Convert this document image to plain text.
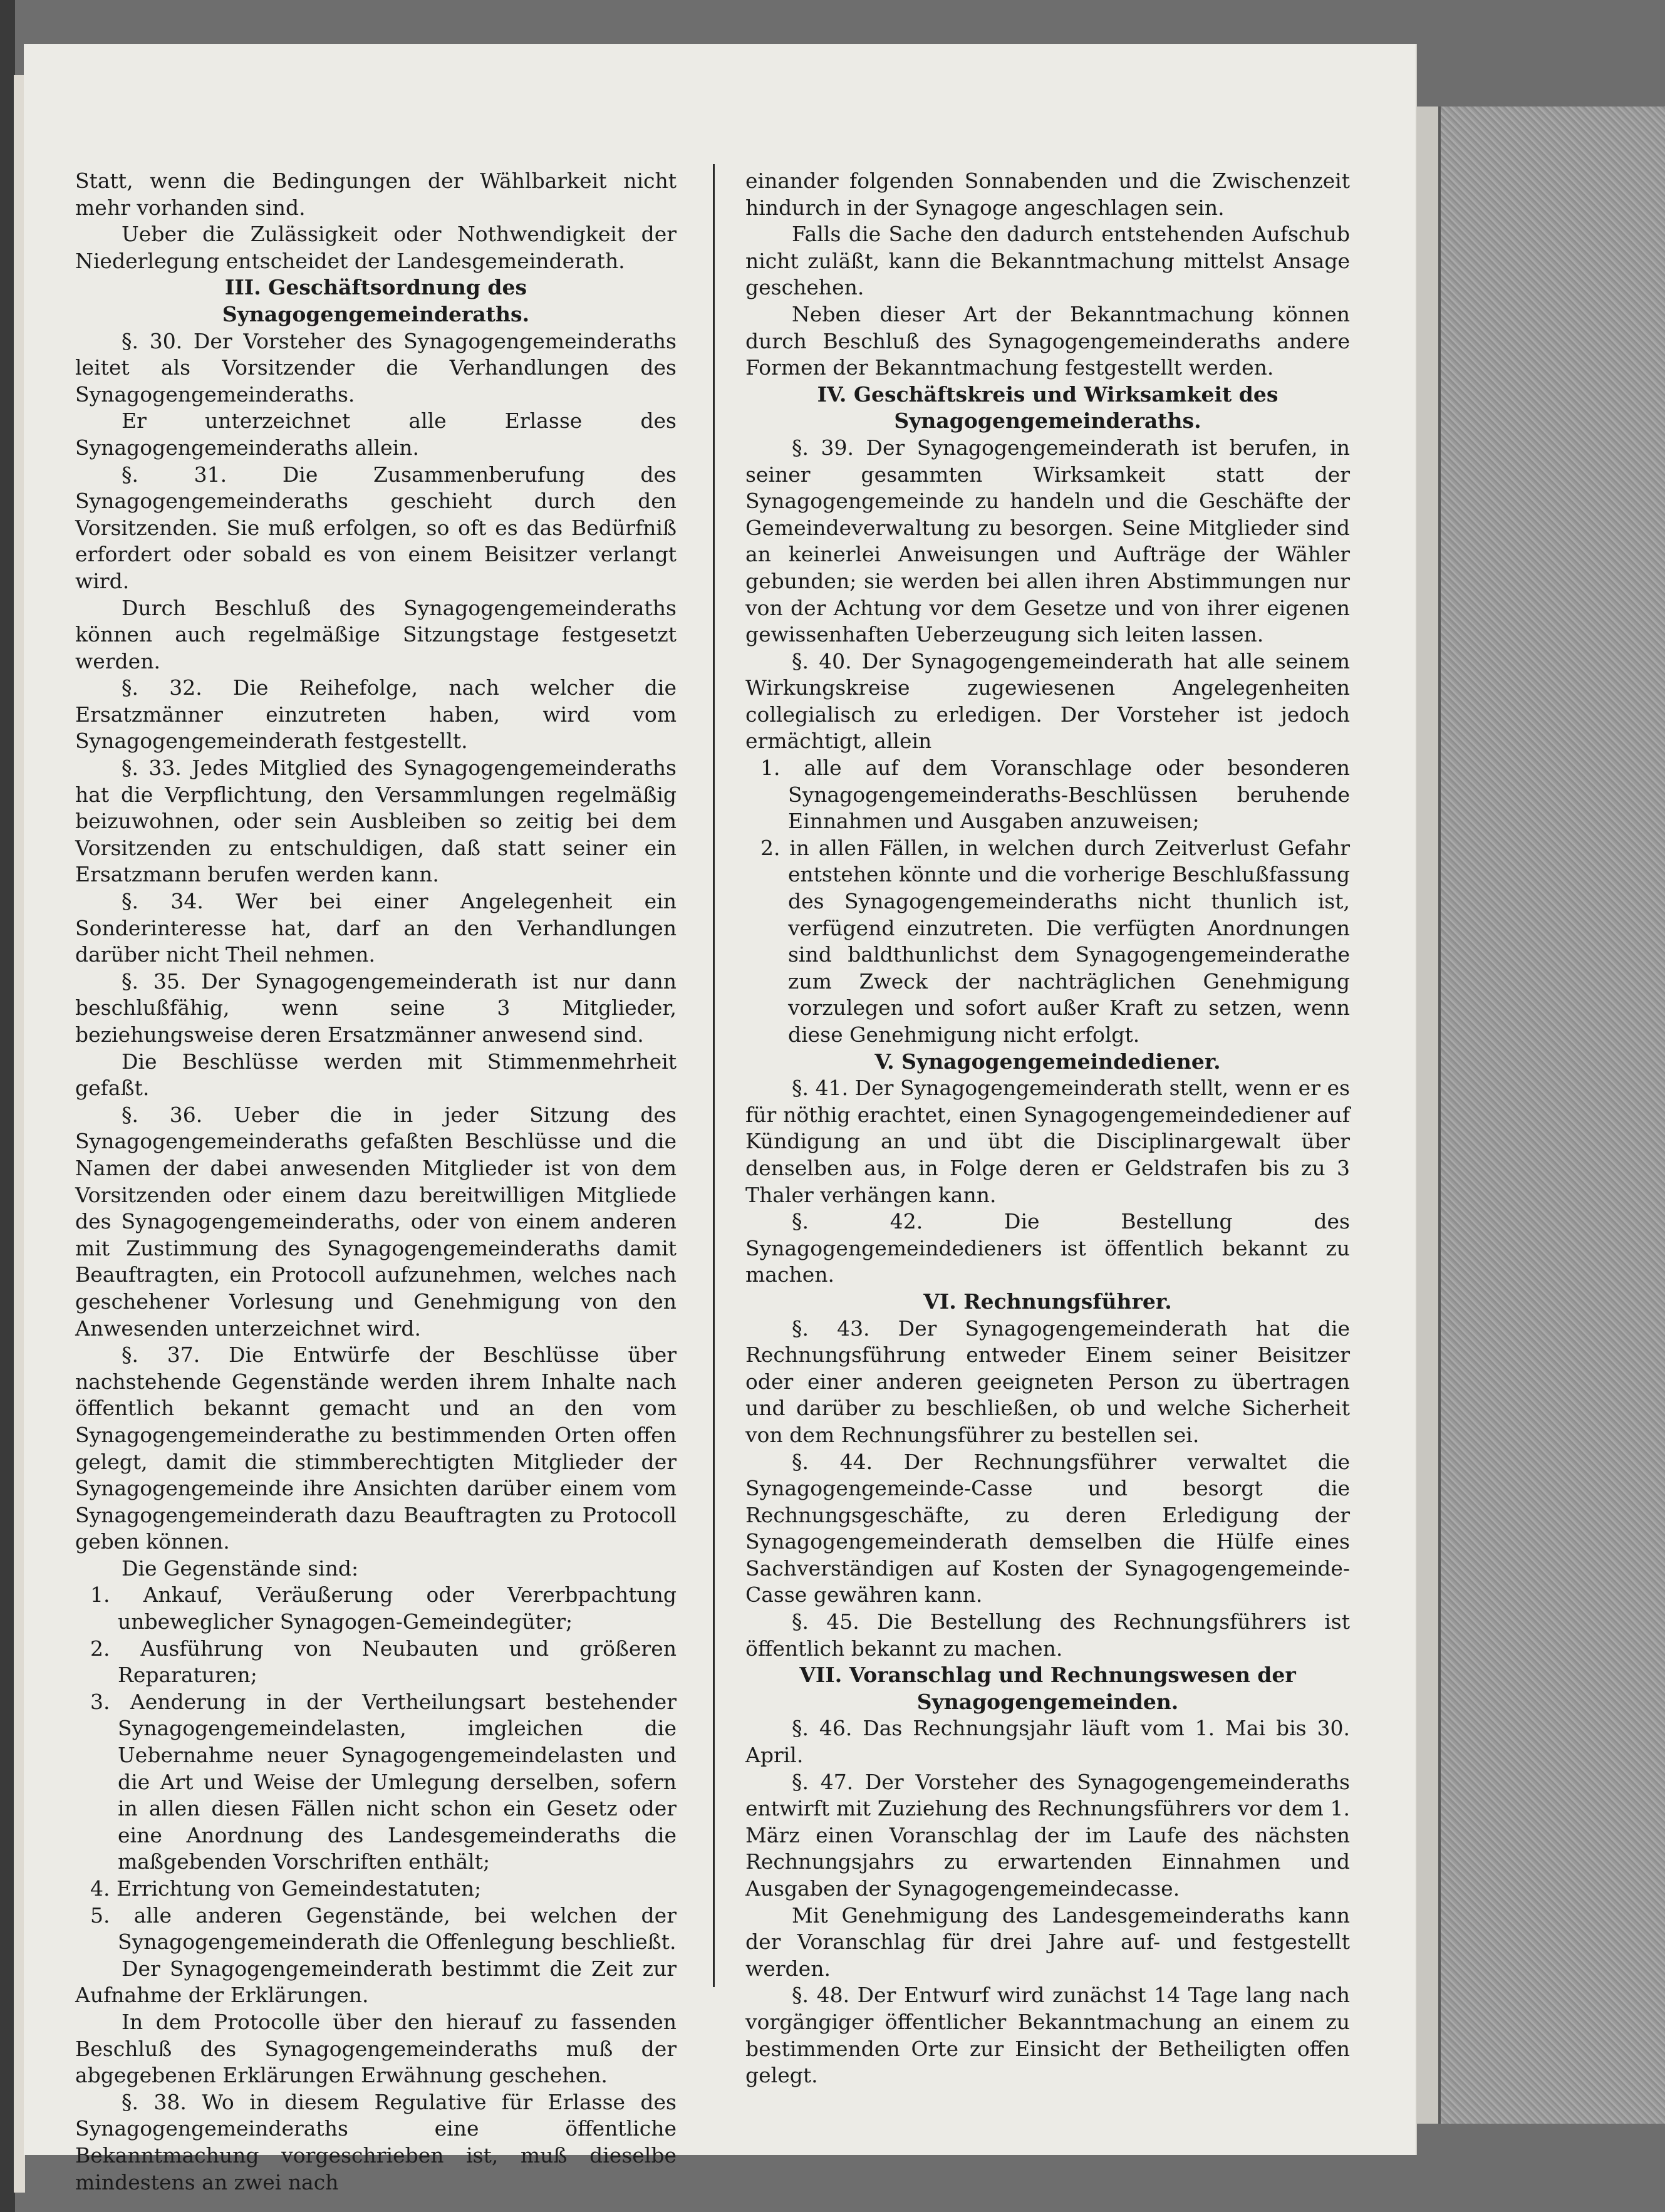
Statt, wenn die Bedingungen der Wählbarkeit nicht mehr vorhanden sind.

Ueber die Zulässigkeit oder Nothwendigkeit der Niederlegung entscheidet der Landesgemeinderath.

III. Geschäftsordnung des Synagogengemeinderaths.

§. 30. Der Vorsteher des Synagogengemeinderaths leitet als Vorsitzender die Verhandlungen des Synagogengemeinderaths.

Er unterzeichnet alle Erlasse des Synagogengemeinderaths allein.

§. 31. Die Zusammenberufung des Synagogengemeinderaths geschieht durch den Vorsitzenden. Sie muß erfolgen, so oft es das Bedürfniß erfordert oder sobald es von einem Beisitzer verlangt wird.

Durch Beschluß des Synagogengemeinderaths können auch regelmäßige Sitzungstage festgesetzt werden.

§. 32. Die Reihefolge, nach welcher die Ersatzmänner einzutreten haben, wird vom Synagogengemeinderath festgestellt.

§. 33. Jedes Mitglied des Synagogengemeinderaths hat die Verpflichtung, den Versammlungen regelmäßig beizuwohnen, oder sein Ausbleiben so zeitig bei dem Vorsitzenden zu entschuldigen, daß statt seiner ein Ersatzmann berufen werden kann.

§. 34. Wer bei einer Angelegenheit ein Sonderinteresse hat, darf an den Verhandlungen darüber nicht Theil nehmen.

§. 35. Der Synagogengemeinderath ist nur dann beschlußfähig, wenn seine 3 Mitglieder, beziehungsweise deren Ersatzmänner anwesend sind.

Die Beschlüsse werden mit Stimmenmehrheit gefaßt.

§. 36. Ueber die in jeder Sitzung des Synagogengemeinderaths gefaßten Beschlüsse und die Namen der dabei anwesenden Mitglieder ist von dem Vorsitzenden oder einem dazu bereitwilligen Mitgliede des Synagogengemeinderaths, oder von einem anderen mit Zustimmung des Synagogengemeinderaths damit Beauftragten, ein Protocoll aufzunehmen, welches nach geschehener Vorlesung und Genehmigung von den Anwesenden unterzeichnet wird.

§. 37. Die Entwürfe der Beschlüsse über nachstehende Gegenstände werden ihrem Inhalte nach öffentlich bekannt gemacht und an den vom Synagogengemeinderathe zu bestimmenden Orten offen gelegt, damit die stimmberechtigten Mitglieder der Synagogengemeinde ihre Ansichten darüber einem vom Synagogengemeinderath dazu Beauftragten zu Protocoll geben können.

Die Gegenstände sind:

1. Ankauf, Veräußerung oder Vererbpachtung unbeweglicher Synagogen-Gemeindegüter;

2. Ausführung von Neubauten und größeren Reparaturen;

3. Aenderung in der Vertheilungsart bestehender Synagogengemeindelasten, imgleichen die Uebernahme neuer Synagogengemeindelasten und die Art und Weise der Umlegung derselben, sofern in allen diesen Fällen nicht schon ein Gesetz oder eine Anordnung des Landesgemeinderaths die maßgebenden Vorschriften enthält;

4. Errichtung von Gemeindestatuten;

5. alle anderen Gegenstände, bei welchen der Synagogengemeinderath die Offenlegung beschließt.

Der Synagogengemeinderath bestimmt die Zeit zur Aufnahme der Erklärungen.

In dem Protocolle über den hierauf zu fassenden Beschluß des Synagogengemeinderaths muß der abgegebenen Erklärungen Erwähnung geschehen.

§. 38. Wo in diesem Regulative für Erlasse des Synagogengemeinderaths eine öffentliche Bekanntmachung vorgeschrieben ist, muß dieselbe mindestens an zwei nach

einander folgenden Sonnabenden und die Zwischenzeit hindurch in der Synagoge angeschlagen sein.

Falls die Sache den dadurch entstehenden Aufschub nicht zuläßt, kann die Bekanntmachung mittelst Ansage geschehen.

Neben dieser Art der Bekanntmachung können durch Beschluß des Synagogengemeinderaths andere Formen der Bekanntmachung festgestellt werden.

IV. Geschäftskreis und Wirksamkeit des Synagogengemeinderaths.

§. 39. Der Synagogengemeinderath ist berufen, in seiner gesammten Wirksamkeit statt der Synagogengemeinde zu handeln und die Geschäfte der Gemeindeverwaltung zu besorgen. Seine Mitglieder sind an keinerlei Anweisungen und Aufträge der Wähler gebunden; sie werden bei allen ihren Abstimmungen nur von der Achtung vor dem Gesetze und von ihrer eigenen gewissenhaften Ueberzeugung sich leiten lassen.

§. 40. Der Synagogengemeinderath hat alle seinem Wirkungskreise zugewiesenen Angelegenheiten collegialisch zu erledigen. Der Vorsteher ist jedoch ermächtigt, allein

1. alle auf dem Voranschlage oder besonderen Synagogengemeinderaths-Beschlüssen beruhende Einnahmen und Ausgaben anzuweisen;

2. in allen Fällen, in welchen durch Zeitverlust Gefahr entstehen könnte und die vorherige Beschlußfassung des Synagogengemeinderaths nicht thunlich ist, verfügend einzutreten. Die verfügten Anordnungen sind baldthunlichst dem Synagogengemeinderathe zum Zweck der nachträglichen Genehmigung vorzulegen und sofort außer Kraft zu setzen, wenn diese Genehmigung nicht erfolgt.

V. Synagogengemeindediener.

§. 41. Der Synagogengemeinderath stellt, wenn er es für nöthig erachtet, einen Synagogengemeindediener auf Kündigung an und übt die Disciplinargewalt über denselben aus, in Folge deren er Geldstrafen bis zu 3 Thaler verhängen kann.

§. 42. Die Bestellung des Synagogengemeindedieners ist öffentlich bekannt zu machen.

VI. Rechnungsführer.

§. 43. Der Synagogengemeinderath hat die Rechnungsführung entweder Einem seiner Beisitzer oder einer anderen geeigneten Person zu übertragen und darüber zu beschließen, ob und welche Sicherheit von dem Rechnungsführer zu bestellen sei.

§. 44. Der Rechnungsführer verwaltet die Synagogengemeinde-Casse und besorgt die Rechnungsgeschäfte, zu deren Erledigung der Synagogengemeinderath demselben die Hülfe eines Sachverständigen auf Kosten der Synagogengemeinde-Casse gewähren kann.

§. 45. Die Bestellung des Rechnungsführers ist öffentlich bekannt zu machen.

VII. Voranschlag und Rechnungswesen der Synagogengemeinden.

§. 46. Das Rechnungsjahr läuft vom 1. Mai bis 30. April.

§. 47. Der Vorsteher des Synagogengemeinderaths entwirft mit Zuziehung des Rechnungsführers vor dem 1. März einen Voranschlag der im Laufe des nächsten Rechnungsjahrs zu erwartenden Einnahmen und Ausgaben der Synagogengemeindecasse.

Mit Genehmigung des Landesgemeinderaths kann der Voranschlag für drei Jahre auf- und festgestellt werden.

§. 48. Der Entwurf wird zunächst 14 Tage lang nach vorgängiger öffentlicher Bekanntmachung an einem zu bestimmenden Orte zur Einsicht der Betheiligten offen gelegt.
